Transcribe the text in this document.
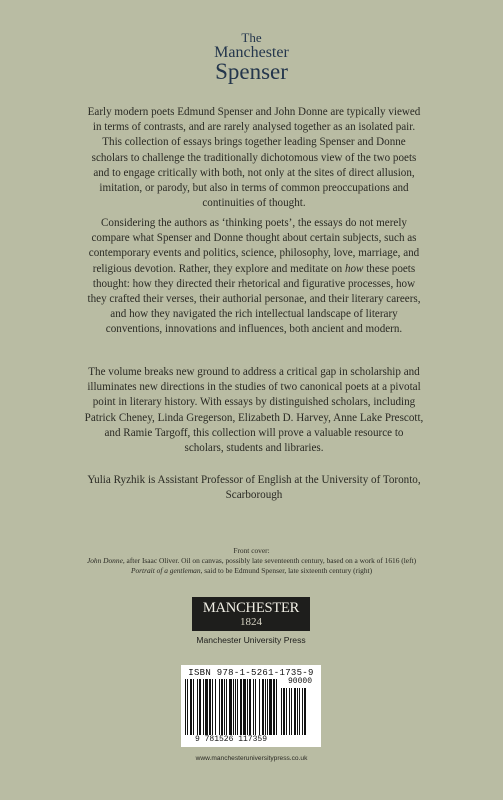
The
Manchester
Spenser

Early modern poets Edmund Spenser and John Donne are typically viewed in terms of contrasts, and are rarely analysed together as an isolated pair. This collection of essays brings together leading Spenser and Donne scholars to challenge the traditionally dichotomous view of the two poets and to engage critically with both, not only at the sites of direct allusion, imitation, or parody, but also in terms of common preoccupations and continuities of thought.

Considering the authors as ‘thinking poets’, the essays do not merely compare what Spenser and Donne thought about certain subjects, such as contemporary events and politics, science, philosophy, love, marriage, and religious devotion. Rather, they explore and meditate on how these poets thought: how they directed their rhetorical and figurative processes, how they crafted their verses, their authorial personae, and their literary careers, and how they navigated the rich intellectual landscape of literary conventions, innovations and influences, both ancient and modern.

The volume breaks new ground to address a critical gap in scholarship and illuminates new directions in the studies of two canonical poets at a pivotal point in literary history. With essays by distinguished scholars, including Patrick Cheney, Linda Gregerson, Elizabeth D. Harvey, Anne Lake Prescott, and Ramie Targoff, this collection will prove a valuable resource to scholars, students and libraries.

Yulia Ryzhik is Assistant Professor of English at the University of Toronto, Scarborough

Front cover:
John Donne, after Isaac Oliver. Oil on canvas, possibly late seventeenth century, based on a work of 1616 (left)
Portrait of a gentleman, said to be Edmund Spenser, late sixteenth century (right)
MANCHESTER
1824
Manchester University Press
ISBN 978-1-5261-1735-9
90000
9 781526 117359
www.manchesteruniversitypress.co.uk
